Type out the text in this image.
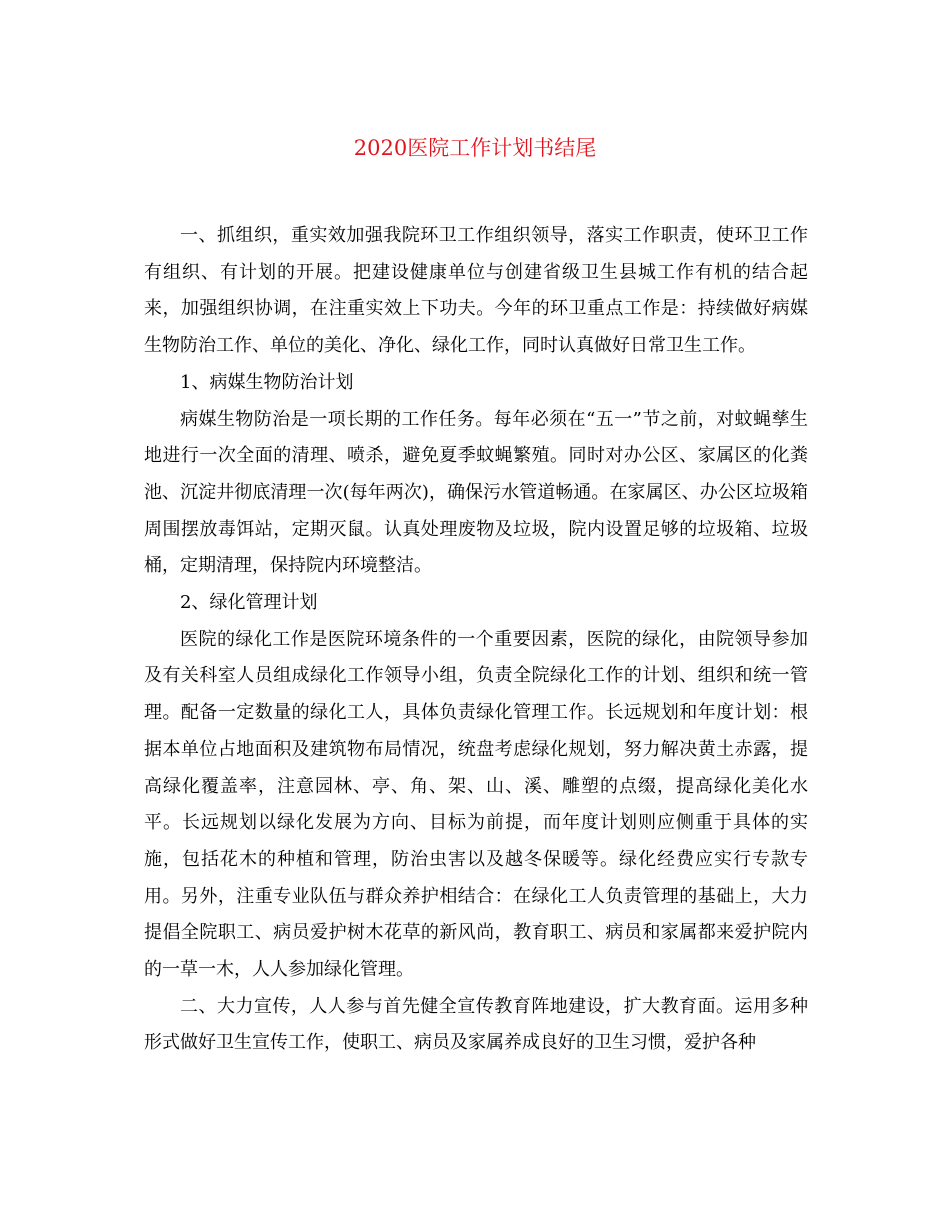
2020医院工作计划书结尾

一、抓组织，重实效加强我院环卫工作组织领导，落实工作职责，使环卫工作有组织、有计划的开展。把建设健康单位与创建省级卫生县城工作有机的结合起来，加强组织协调，在注重实效上下功夫。今年的环卫重点工作是：持续做好病媒生物防治工作、单位的美化、净化、绿化工作，同时认真做好日常卫生工作。

1、病媒生物防治计划

病媒生物防治是一项长期的工作任务。每年必须在“五一”节之前，对蚊蝇孳生地进行一次全面的清理、喷杀，避免夏季蚊蝇繁殖。同时对办公区、家属区的化粪池、沉淀井彻底清理一次(每年两次)，确保污水管道畅通。在家属区、办公区垃圾箱周围摆放毒饵站，定期灭鼠。认真处理废物及垃圾，院内设置足够的垃圾箱、垃圾桶，定期清理，保持院内环境整洁。

2、绿化管理计划

医院的绿化工作是医院环境条件的一个重要因素，医院的绿化，由院领导参加及有关科室人员组成绿化工作领导小组，负责全院绿化工作的计划、组织和统一管理。配备一定数量的绿化工人，具体负责绿化管理工作。长远规划和年度计划：根据本单位占地面积及建筑物布局情况，统盘考虑绿化规划，努力解决黄土赤露，提高绿化覆盖率，注意园林、亭、角、架、山、溪、雕塑的点缀，提高绿化美化水平。长远规划以绿化发展为方向、目标为前提，而年度计划则应侧重于具体的实施，包括花木的种植和管理，防治虫害以及越冬保暖等。绿化经费应实行专款专用。另外，注重专业队伍与群众养护相结合：在绿化工人负责管理的基础上，大力提倡全院职工、病员爱护树木花草的新风尚，教育职工、病员和家属都来爱护院内的一草一木，人人参加绿化管理。

二、大力宣传，人人参与首先健全宣传教育阵地建设，扩大教育面。运用多种形式做好卫生宣传工作，使职工、病员及家属养成良好的卫生习惯，爱护各种
